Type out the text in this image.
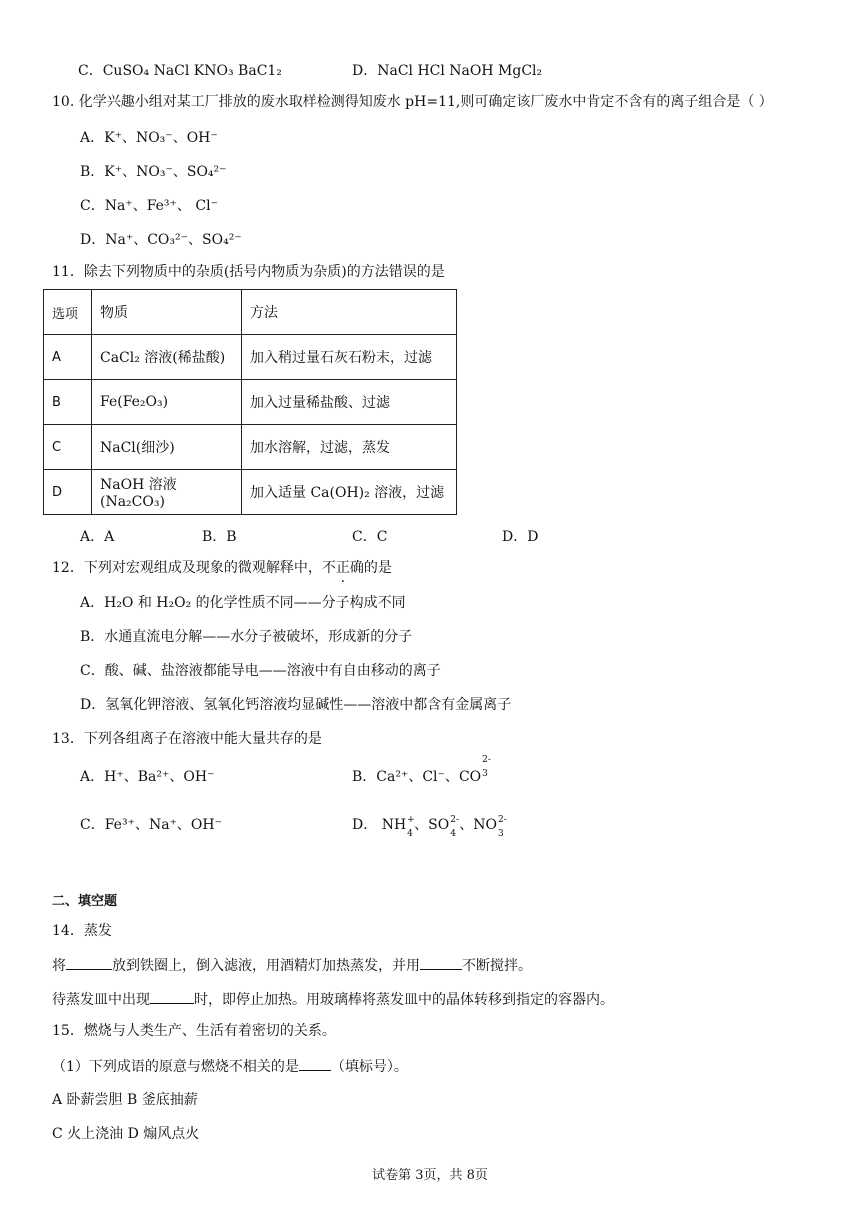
C．CuSO₄ NaCl KNO₃ BaC1₂	D．NaCl HCl NaOH MgCl₂
10. 化学兴趣小组对某工厂排放的废水取样检测得知废水 pH=11,则可确定该厂废水中肯定不含有的离子组合是（ ）
A．K⁺、NO₃⁻、OH⁻
B．K⁺、NO₃⁻、SO₄²⁻
C．Na⁺、Fe³⁺、 Cl⁻
D．Na⁺、CO₃²⁻、SO₄²⁻
11．除去下列物质中的杂质(括号内物质为杂质)的方法错误的是
选项	物质	方法
A	CaCl₂ 溶液(稀盐酸)	加入稍过量石灰石粉末，过滤
B	Fe(Fe₂O₃)	加入过量稀盐酸、过滤
C	NaCl(细沙)	加水溶解，过滤，蒸发
D	NaOH 溶液(Na₂CO₃)	加入适量 Ca(OH)₂ 溶液，过滤
A．A	B．B	C．C	D．D
12．下列对宏观组成及现象的微观解释中，不正确的是
A．H₂O 和 H₂O₂ 的化学性质不同——分子构成不同
B．水通直流电分解——水分子被破坏，形成新的分子
C．酸、碱、盐溶液都能导电——溶液中有自由移动的离子
D．氢氧化钾溶液、氢氧化钙溶液均显碱性——溶液中都含有金属离子
13．下列各组离子在溶液中能大量共存的是
A．H⁺、Ba²⁺、OH⁻	B．Ca²⁺、Cl⁻、CO
2-
3
C．Fe³⁺、Na⁺、OH⁻	D． NH +
4
、SO 2-
4
、NO 2-
3
二、填空题
14．蒸发
将	放到铁圈上，倒入滤液，用酒精灯加热蒸发，并用	不断搅拌。
待蒸发皿中出现	时，即停止加热。用玻璃棒将蒸发皿中的晶体转移到指定的容器内。
15．燃烧与人类生产、生活有着密切的关系。
（1）下列成语的原意与燃烧不相关的是 （填标号）。
A 卧薪尝胆 B 釜底抽薪
C 火上浇油 D 煽风点火
试卷第 3页，共 8页
